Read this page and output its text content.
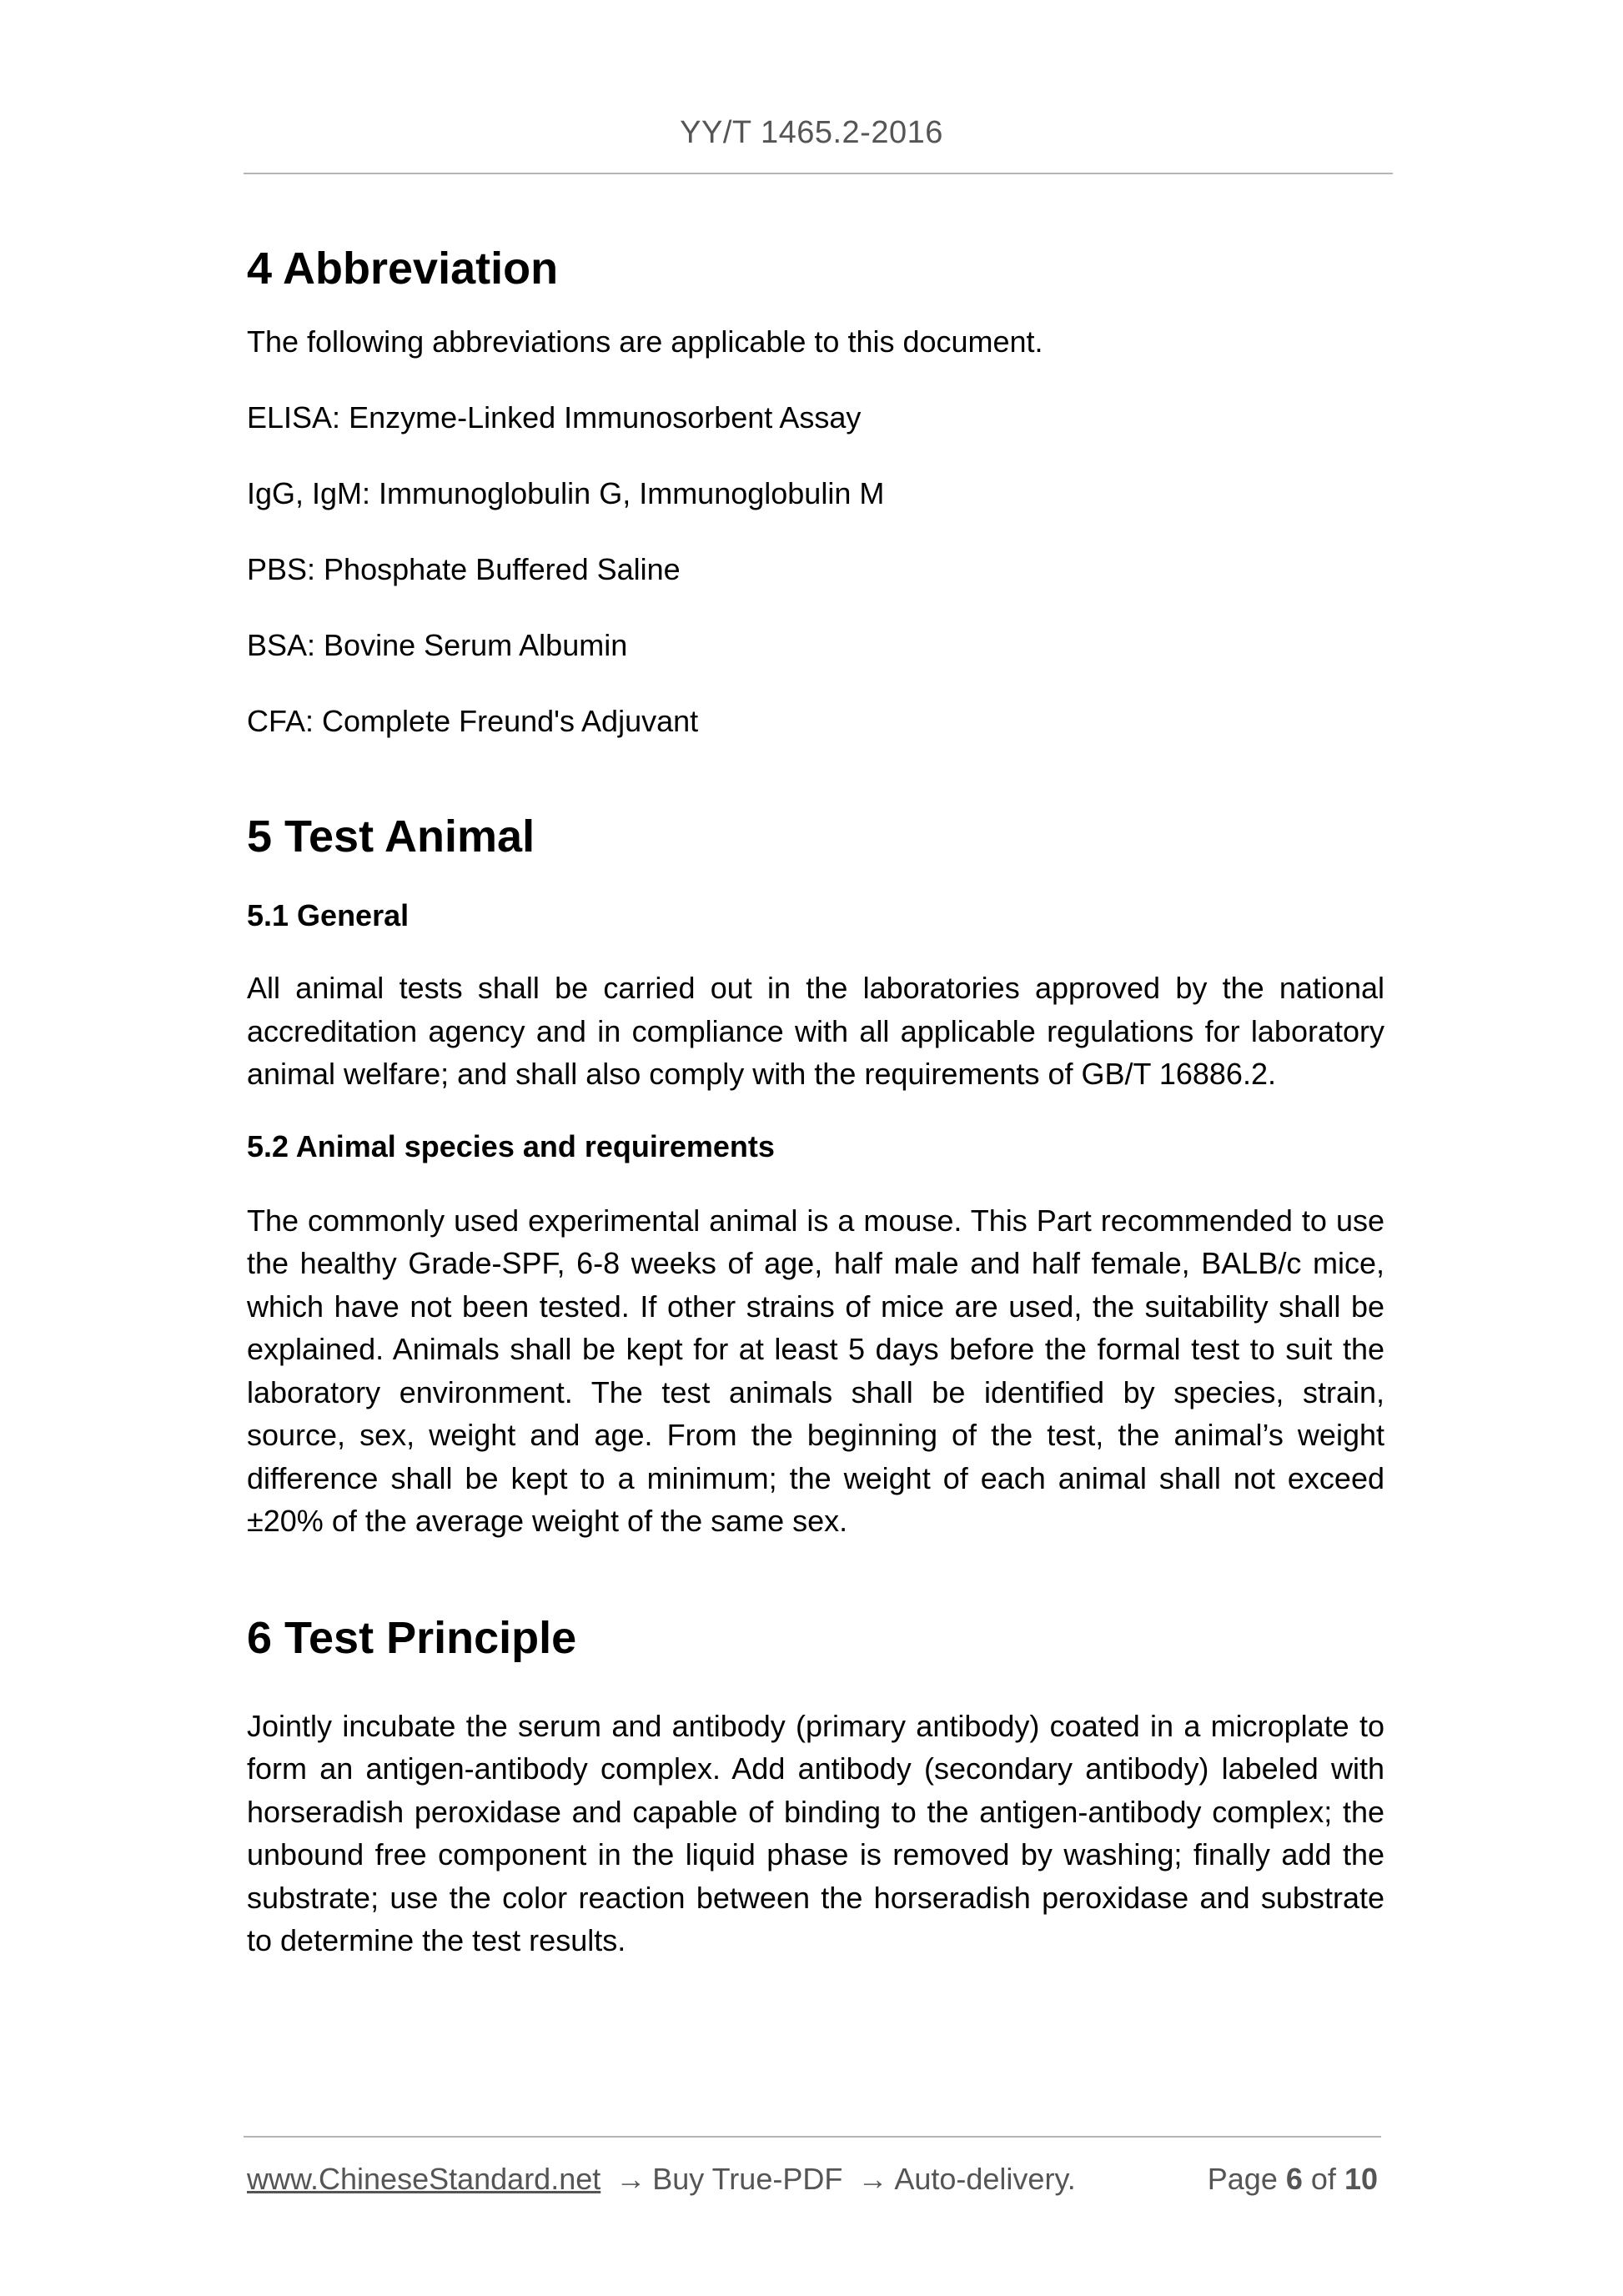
YY/T 1465.2-2016
4 Abbreviation

The following abbreviations are applicable to this document.

ELISA: Enzyme-Linked Immunosorbent Assay

IgG, IgM: Immunoglobulin G, Immunoglobulin M

PBS: Phosphate Buffered Saline

BSA: Bovine Serum Albumin

CFA: Complete Freund's Adjuvant

5 Test Animal
5.1 General

All animal tests shall be carried out in the laboratories approved by the national accreditation agency and in compliance with all applicable regulations for laboratory animal welfare; and shall also comply with the requirements of GB/T 16886.2.

5.2 Animal species and requirements

The commonly used experimental animal is a mouse. This Part recommended to use the healthy Grade-SPF, 6-8 weeks of age, half male and half female, BALB/c mice, which have not been tested. If other strains of mice are used, the suitability shall be explained. Animals shall be kept for at least 5 days before the formal test to suit the laboratory environment. The test animals shall be identified by species, strain, source, sex, weight and age. From the beginning of the test, the animal’s weight difference shall be kept to a minimum; the weight of each animal shall not exceed ±20% of the average weight of the same sex.

6 Test Principle

Jointly incubate the serum and antibody (primary antibody) coated in a microplate to form an antigen-antibody complex. Add antibody (secondary antibody) labeled with horseradish peroxidase and capable of binding to the antigen-antibody complex; the unbound free component in the liquid phase is removed by washing; finally add the substrate; use the color reaction between the horseradish peroxidase and substrate to determine the test results.

www.ChineseStandard.net → Buy True-PDF → Auto-delivery.	Page 6 of 10
